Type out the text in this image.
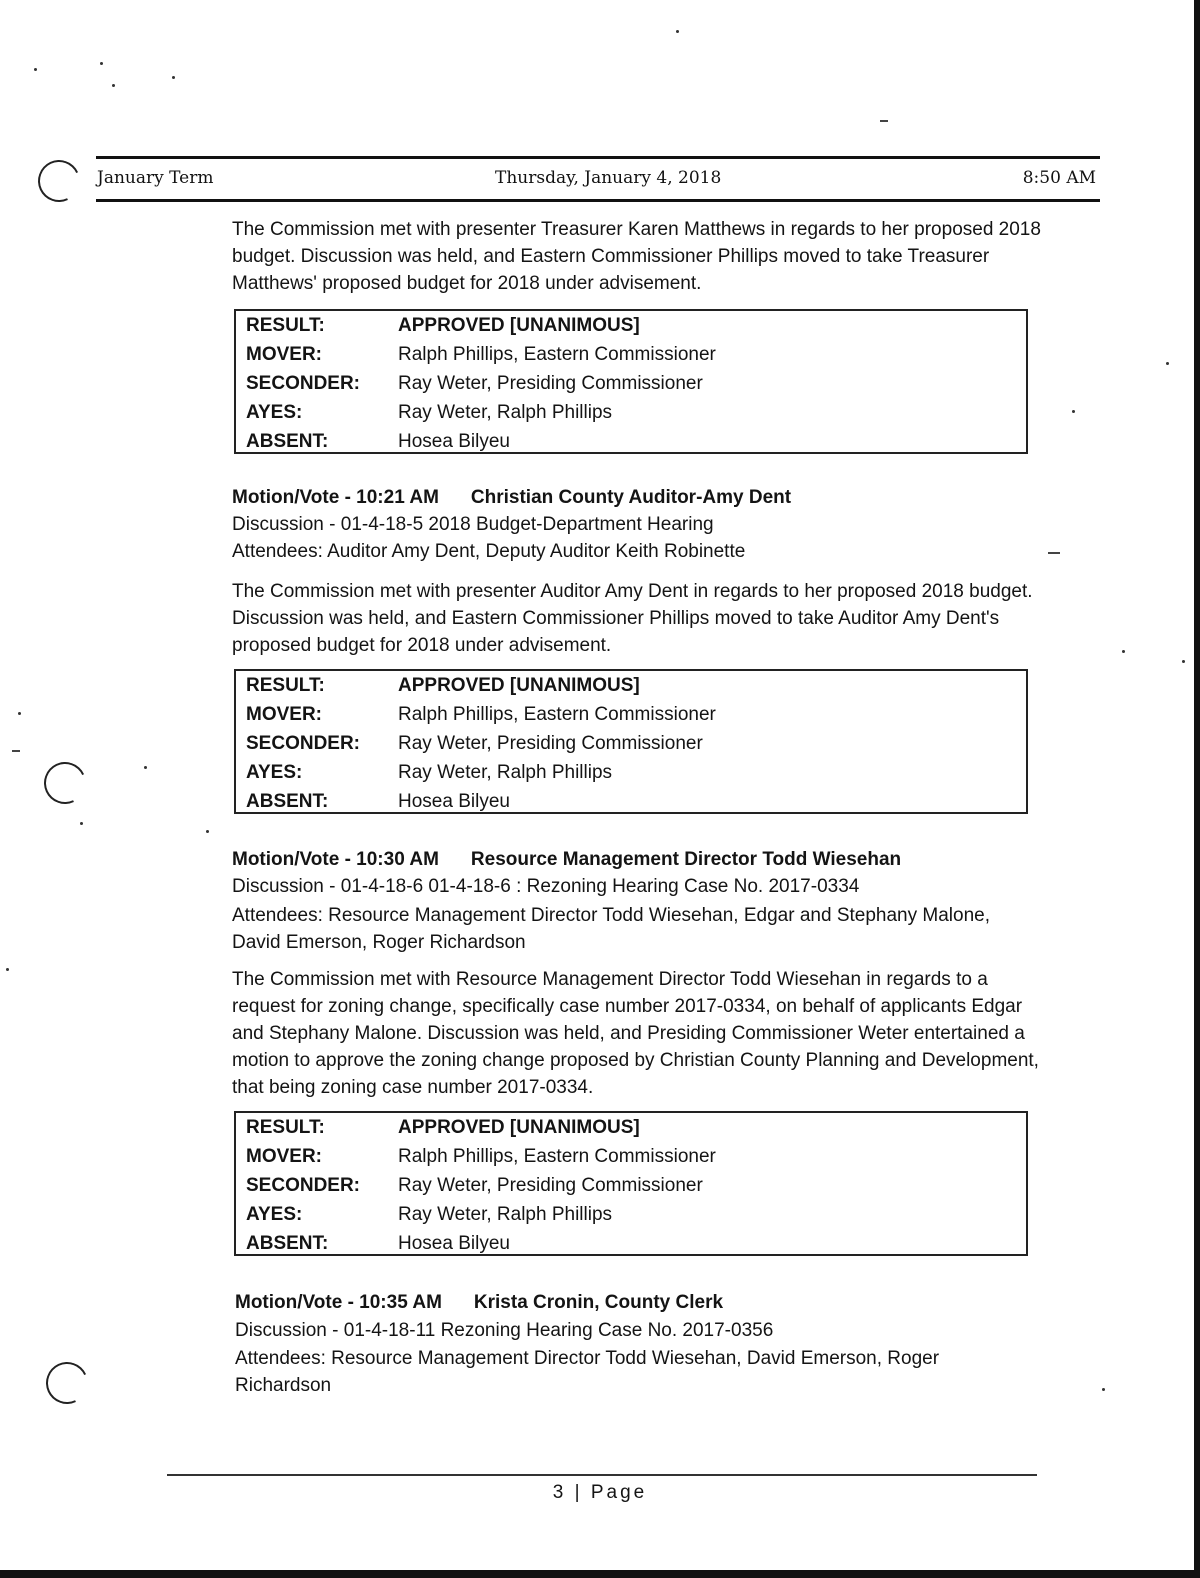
January Term	Thursday, January 4, 2018	8:50 AM

The Commission met with presenter Treasurer Karen Matthews in regards to her proposed 2018 budget. Discussion was held, and Eastern Commissioner Phillips moved to take Treasurer Matthews' proposed budget for 2018 under advisement.

RESULT:	APPROVED [UNANIMOUS]
MOVER:	Ralph Phillips, Eastern Commissioner
SECONDER: Ray Weter, Presiding Commissioner
AYES:	Ray Weter, Ralph Phillips
ABSENT:	Hosea Bilyeu
Motion/Vote - 10:21 AM Christian County Auditor-Amy Dent
Discussion - 01-4-18-5 2018 Budget-Department Hearing
Attendees: Auditor Amy Dent, Deputy Auditor Keith Robinette

The Commission met with presenter Auditor Amy Dent in regards to her proposed 2018 budget. Discussion was held, and Eastern Commissioner Phillips moved to take Auditor Amy Dent's proposed budget for 2018 under advisement.

RESULT:	APPROVED [UNANIMOUS]
MOVER:	Ralph Phillips, Eastern Commissioner
SECONDER: Ray Weter, Presiding Commissioner
AYES:	Ray Weter, Ralph Phillips
ABSENT:	Hosea Bilyeu
Motion/Vote - 10:30 AM Resource Management Director Todd Wiesehan
Discussion - 01-4-18-6 01-4-18-6 : Rezoning Hearing Case No. 2017-0334

Attendees: Resource Management Director Todd Wiesehan, Edgar and Stephany Malone, David Emerson, Roger Richardson

The Commission met with Resource Management Director Todd Wiesehan in regards to a request for zoning change, specifically case number 2017-0334, on behalf of applicants Edgar and Stephany Malone. Discussion was held, and Presiding Commissioner Weter entertained a motion to approve the zoning change proposed by Christian County Planning and Development, that being zoning case number 2017-0334.

RESULT:	APPROVED [UNANIMOUS]
MOVER:	Ralph Phillips, Eastern Commissioner
SECONDER: Ray Weter, Presiding Commissioner
AYES:	Ray Weter, Ralph Phillips
ABSENT:	Hosea Bilyeu
Motion/Vote - 10:35 AM Krista Cronin, County Clerk
Discussion - 01-4-18-11 Rezoning Hearing Case No. 2017-0356

Attendees: Resource Management Director Todd Wiesehan, David Emerson, Roger Richardson

3 | Page
